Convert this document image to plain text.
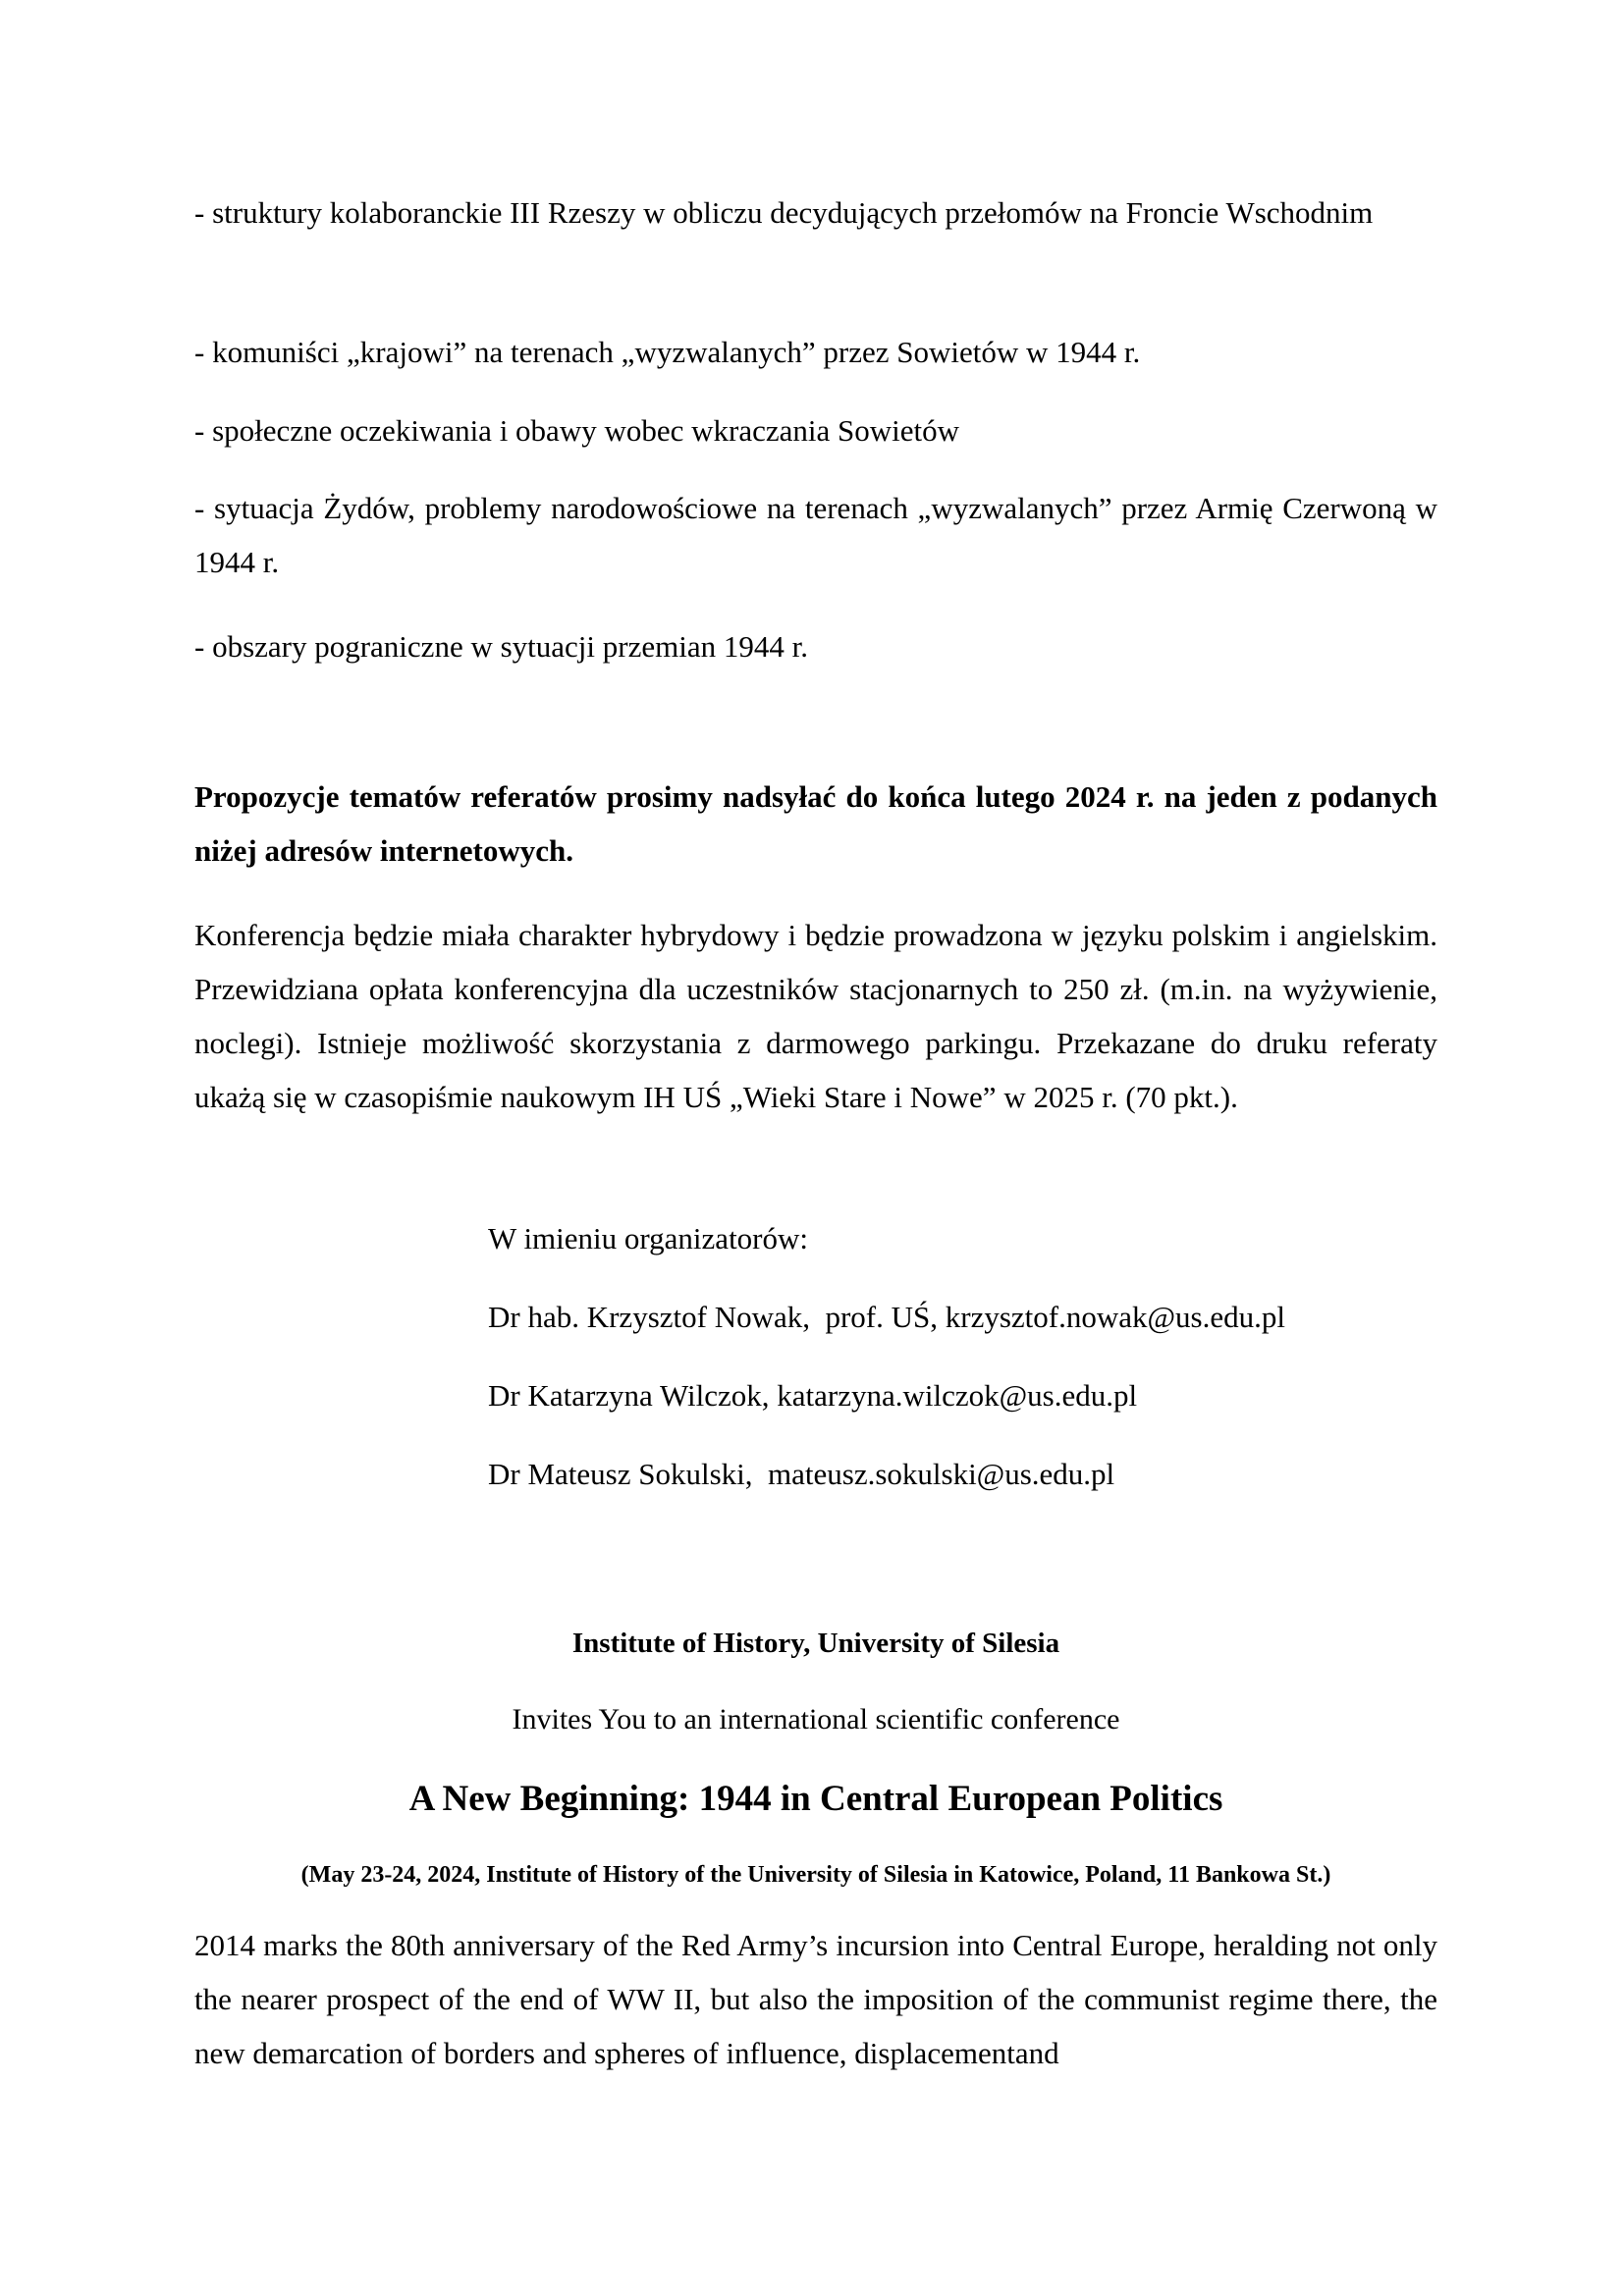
- struktury kolaboranckie III Rzeszy w obliczu decydujących przełomów na Froncie Wschodnim

- komuniści „krajowi” na terenach „wyzwalanych” przez Sowietów w 1944 r.

- społeczne oczekiwania i obawy wobec wkraczania Sowietów

- sytuacja Żydów, problemy narodowościowe na terenach „wyzwalanych” przez Armię Czerwoną w 1944 r.

- obszary pograniczne w sytuacji przemian 1944 r.

Propozycje tematów referatów prosimy nadsyłać do końca lutego 2024 r. na jeden z podanych niżej adresów internetowych.

Konferencja będzie miała charakter hybrydowy i będzie prowadzona w języku polskim i angielskim. Przewidziana opłata konferencyjna dla uczestników stacjonarnych to 250 zł. (m.in. na wyżywienie, noclegi). Istnieje możliwość skorzystania z darmowego parkingu. Przekazane do druku referaty ukażą się w czasopiśmie naukowym IH UŚ „Wieki Stare i Nowe” w 2025 r. (70 pkt.).

W imieniu organizatorów:

Dr hab. Krzysztof Nowak,  prof. UŚ, krzysztof.nowak@us.edu.pl

Dr Katarzyna Wilczok, katarzyna.wilczok@us.edu.pl

Dr Mateusz Sokulski,  mateusz.sokulski@us.edu.pl

Institute of History, University of Silesia

Invites You to an international scientific conference

A New Beginning: 1944 in Central European Politics

(May 23-24, 2024, Institute of History of the University of Silesia in Katowice, Poland, 11 Bankowa St.)

2014 marks the 80th anniversary of the Red Army’s incursion into Central Europe, heralding not only the nearer prospect of the end of WW II, but also the imposition of the communist regime there, the new demarcation of borders and spheres of influence, displacementand
